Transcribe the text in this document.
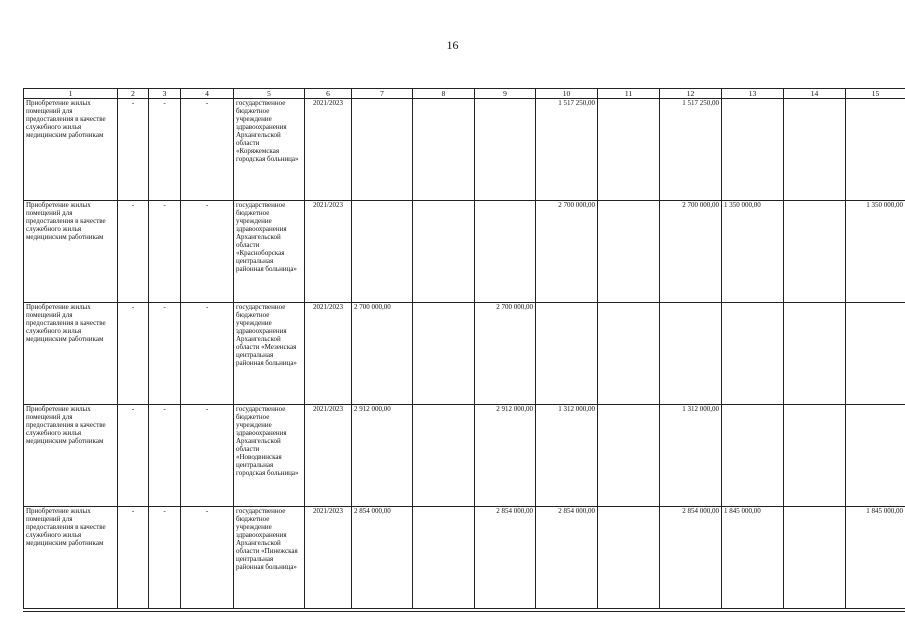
16
1	2	3	4	5	6	7	8	9	10	11	12	13	14	15
Приобретение жилых помещений для предоставления в качестве служебного жилья медицинским работникам	-	-	-	государственное бюджетное учреждение здравоохранения Архангельской области «Коряжемская городская больница»	2021/2023				1 517 250,00		1 517 250,00			
Приобретение жилых помещений для предоставления в качестве служебного жилья медицинским работникам	-	-	-	государственное бюджетное учреждение здравоохранения Архангельской области «Красноборская центральная районная больница»	2021/2023				2 700 000,00		2 700 000,00	1 350 000,00		1 350 000,00
Приобретение жилых помещений для предоставления в качестве служебного жилья медицинским работникам	-	-	-	государственное бюджетное учреждение здравоохранения Архангельской области «Мезенская центральная районная больница»	2021/2023	2 700 000,00		2 700 000,00						
Приобретение жилых помещений для предоставления в качестве служебного жилья медицинским работникам	-	-	-	государственное бюджетное учреждение здравоохранения Архангельской области «Новодвинская центральная городская больница»	2021/2023	2 912 000,00		2 912 000,00	1 312 000,00		1 312 000,00			
Приобретение жилых помещений для предоставления в качестве служебного жилья медицинским работникам	-	-	-	государственное бюджетное учреждение здравоохранения Архангельской области «Пинежская центральная районная больница»	2021/2023	2 854 000,00		2 854 000,00	2 854 000,00		2 854 000,00	1 845 000,00		1 845 000,00
